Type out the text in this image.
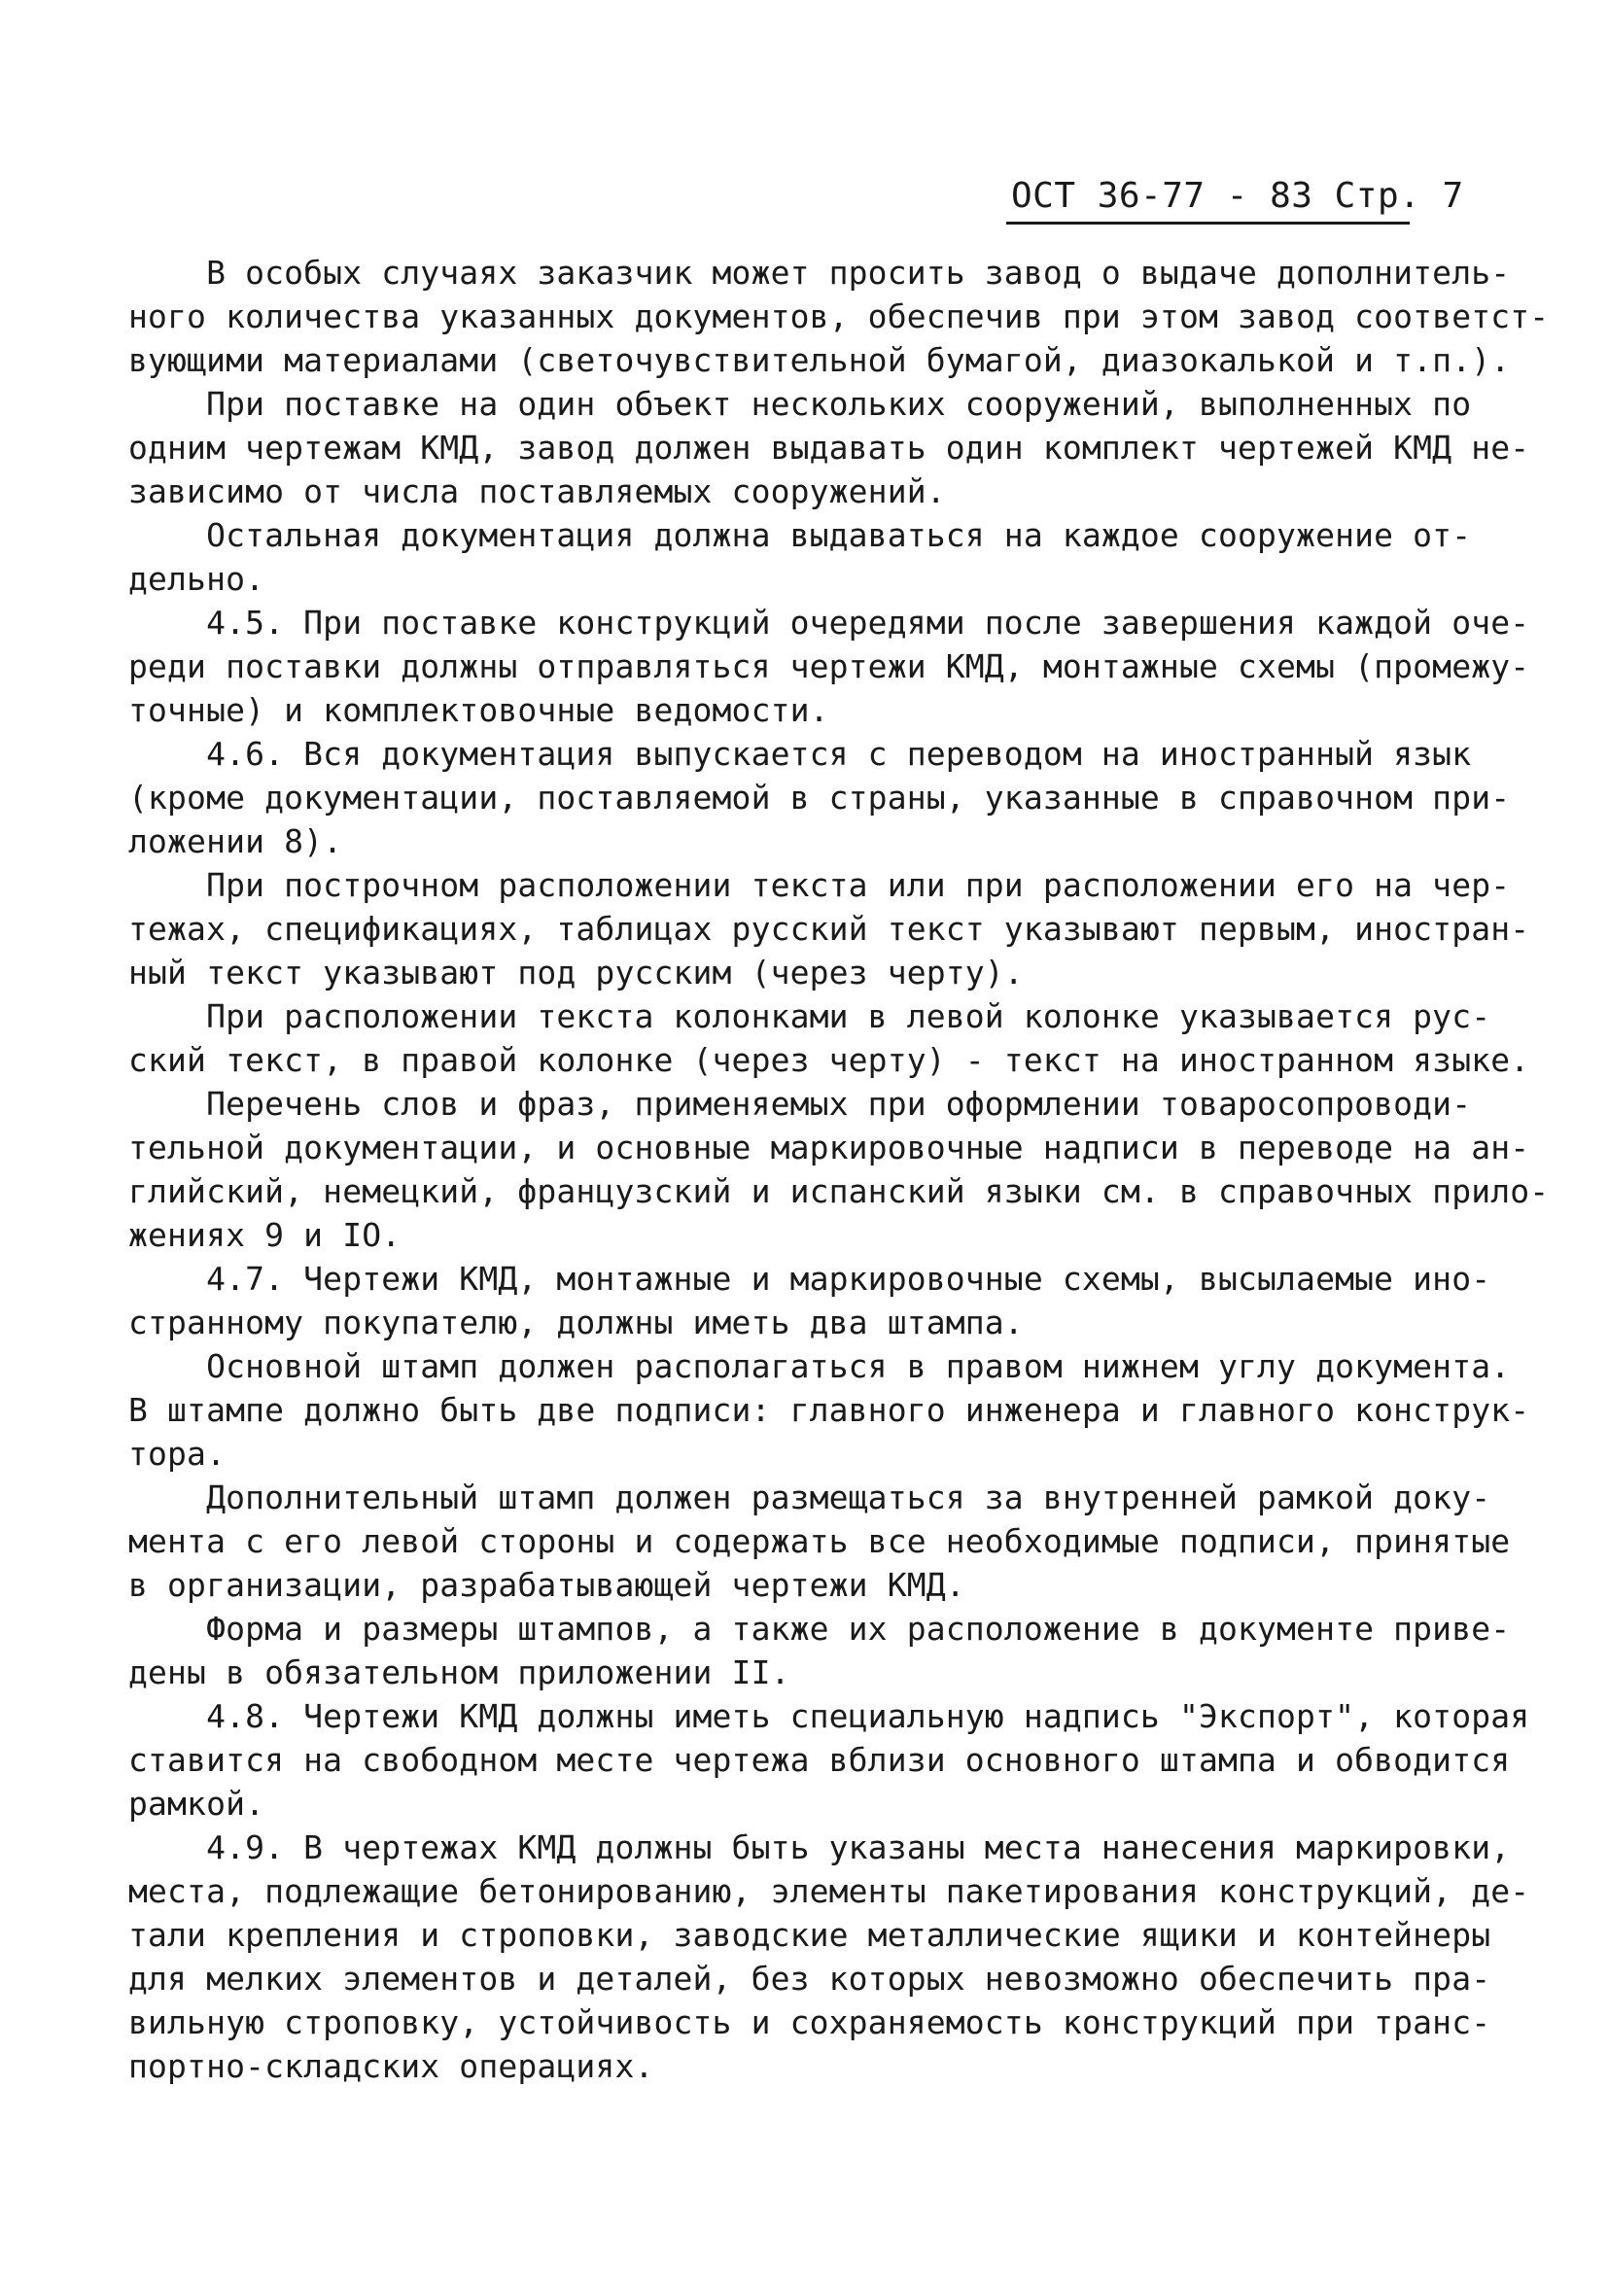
ОСТ 36-77 - 83 Стр. 7
В особых случаях заказчик может просить завод о выдаче дополнитель-
ного количества указанных документов, обеспечив при этом завод соответст-
вующими материалами (светочувствительной бумагой, диазокалькой и т.п.).
При поставке на один объект нескольких сооружений, выполненных по
одним чертежам КМД, завод должен выдавать один комплект чертежей КМД не-
зависимо от числа поставляемых сооружений.
Остальная документация должна выдаваться на каждое сооружение от-
дельно.
4.5. При поставке конструкций очередями после завершения каждой оче-
реди поставки должны отправляться чертежи КМД, монтажные схемы (промежу-
точные) и комплектовочные ведомости.
4.6. Вся документация выпускается с переводом на иностранный язык
(кроме документации, поставляемой в страны, указанные в справочном при-
ложении 8).
При построчном расположении текста или при расположении его на чер-
тежах, спецификациях, таблицах русский текст указывают первым, иностран-
ный текст указывают под русским (через черту).
При расположении текста колонками в левой колонке указывается рус-
ский текст, в правой колонке (через черту) - текст на иностранном языке.
Перечень слов и фраз, применяемых при оформлении товаросопроводи-
тельной документации, и основные маркировочные надписи в переводе на ан-
глийский, немецкий, французский и испанский языки см. в справочных прило-
жениях 9 и IO.
4.7. Чертежи КМД, монтажные и маркировочные схемы, высылаемые ино-
странному покупателю, должны иметь два штампа.
Основной штамп должен располагаться в правом нижнем углу документа.
В штампе должно быть две подписи: главного инженера и главного конструк-
тора.
Дополнительный штамп должен размещаться за внутренней рамкой доку-
мента с его левой стороны и содержать все необходимые подписи, принятые
в организации, разрабатывающей чертежи КМД.
Форма и размеры штампов, а также их расположение в документе приве-
дены в обязательном приложении II.
4.8. Чертежи КМД должны иметь специальную надпись "Экспорт", которая
ставится на свободном месте чертежа вблизи основного штампа и обводится
рамкой.
4.9. В чертежах КМД должны быть указаны места нанесения маркировки,
места, подлежащие бетонированию, элементы пакетирования конструкций, де-
тали крепления и строповки, заводские металлические ящики и контейнеры
для мелких элементов и деталей, без которых невозможно обеспечить пра-
вильную строповку, устойчивость и сохраняемость конструкций при транс-
портно-складских операциях.
